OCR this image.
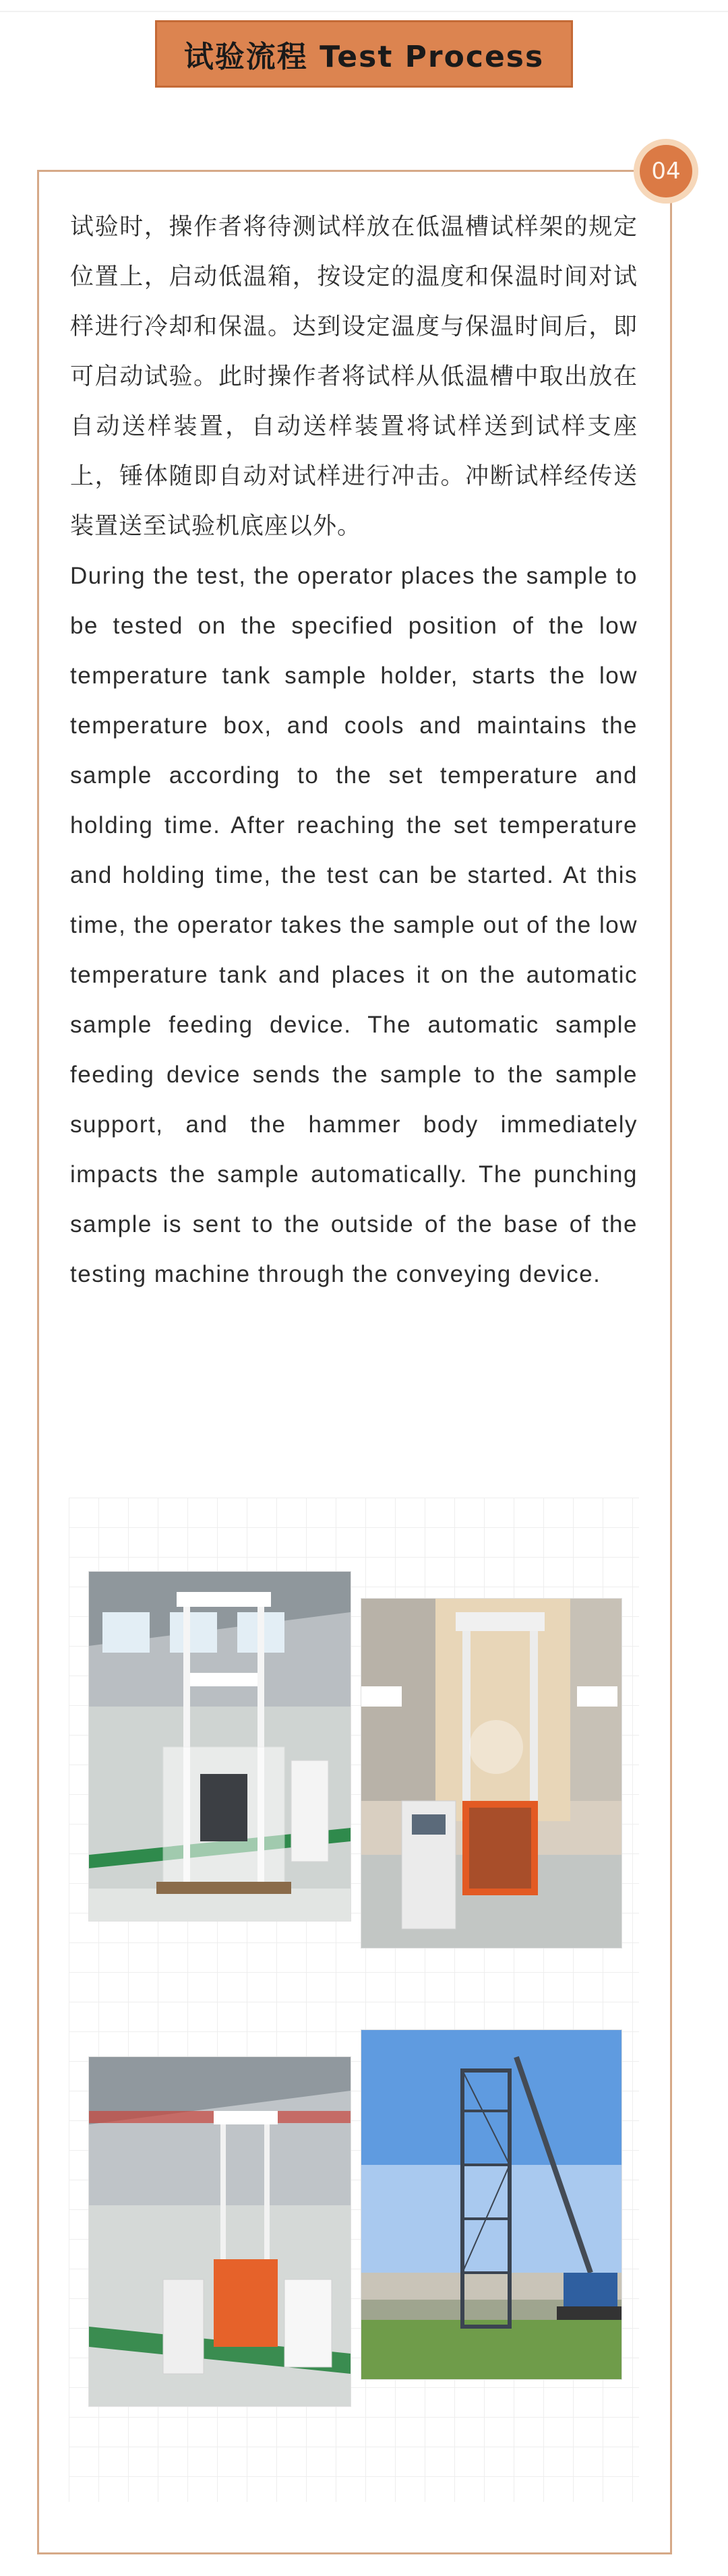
试验流程 Test Process
04

试验时，操作者将待测试样放在低温槽试样架的规定位置上，启动低温箱，按设定的温度和保温时间对试样进行冷却和保温。达到设定温度与保温时间后，即可启动试验。此时操作者将试样从低温槽中取出放在自动送样装置，自动送样装置将试样送到试样支座上，锤体随即自动对试样进行冲击。冲断试样经传送装置送至试验机底座以外。

During the test, the operator places the sample to be tested on the specified position of the low temperature tank sample holder, starts the low temperature box, and cools and maintains the sample according to the set temperature and holding time. After reaching the set temperature and holding time, the test can be started. At this time, the operator takes the sample out of the low temperature tank and places it on the automatic sample feeding device. The automatic sample feeding device sends the sample to the sample support, and the hammer body immediately impacts the sample automatically. The punching sample is sent to the outside of the base of the testing machine through the conveying device.
